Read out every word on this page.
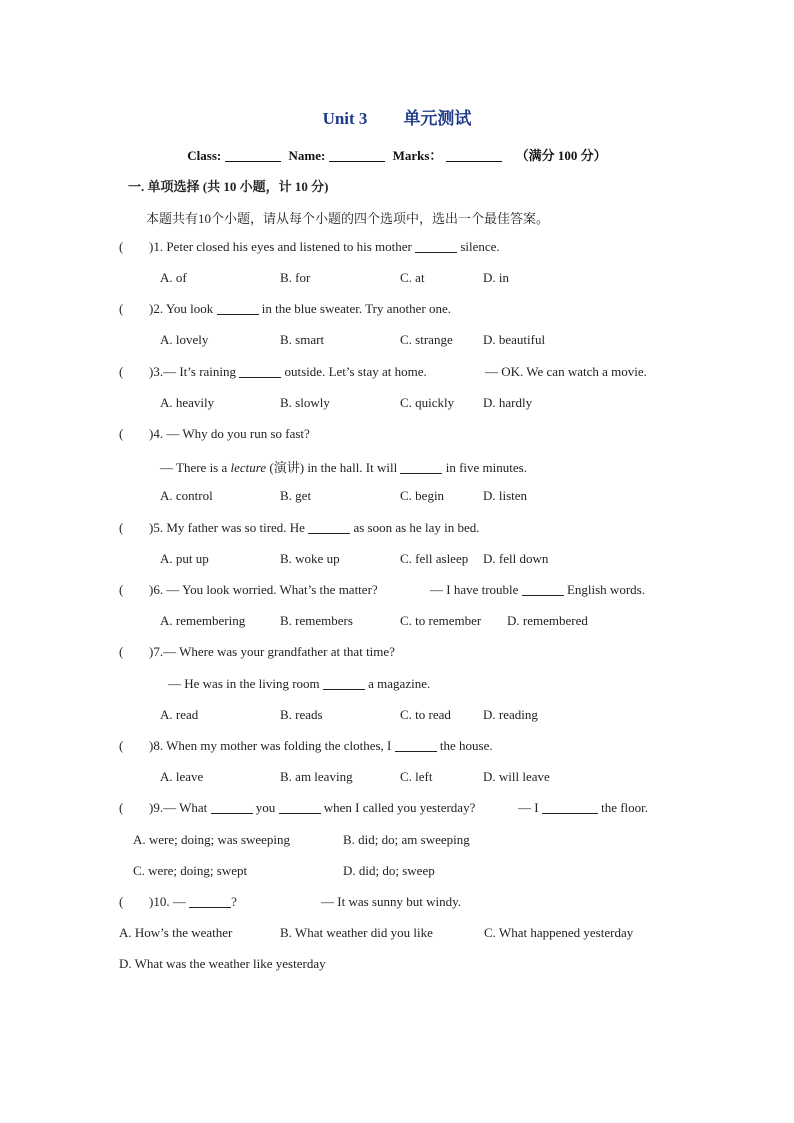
Unit 3 单元测试
Class:	Name:	Marks：	（满分 100 分）
一. 单项选择 (共 10 小题，计 10 分)
本题共有10个小题，请从每个小题的四个选项中，选出一个最佳答案。
( )1. Peter closed his eyes and listened to his mother	silence.
A. of	B. for	C. at	D. in
( )2. You look	in the blue sweater. Try another one.
A. lovely	B. smart	C. strange D. beautiful
( )3.— It’s raining	outside. Let’s stay at home.	— OK. We can watch a movie.
A. heavily	B. slowly	C. quickly D. hardly
( )4. — Why do you run so fast?
— There is a lecture (演讲) in the hall. It will	in five minutes.
A. control	B. get	C. begin	D. listen
( )5. My father was so tired. He	as soon as he lay in bed.
A. put up	B. woke up	C. fell asleep D. fell down
( )6. — You look worried. What’s the matter?	— I have trouble	English words.
A. remembering	B. remembers	C. to remember D. remembered
( )7.— Where was your grandfather at that time?
— He was in the living room	a magazine.
A. read	B. reads	C. to read D. reading
( )8. When my mother was folding the clothes, I	the house.
A. leave	B. am leaving	C. left	D. will leave
( )9.— What	you	when I called you yesterday?	— I	the floor.
A. were; doing; was sweeping	B. did; do; am sweeping
C. were; doing; swept	D. did; do; sweep
( )10. —	?	— It was sunny but windy.
A. How’s the weather	B. What weather did you like	C. What happened yesterday
D. What was the weather like yesterday
